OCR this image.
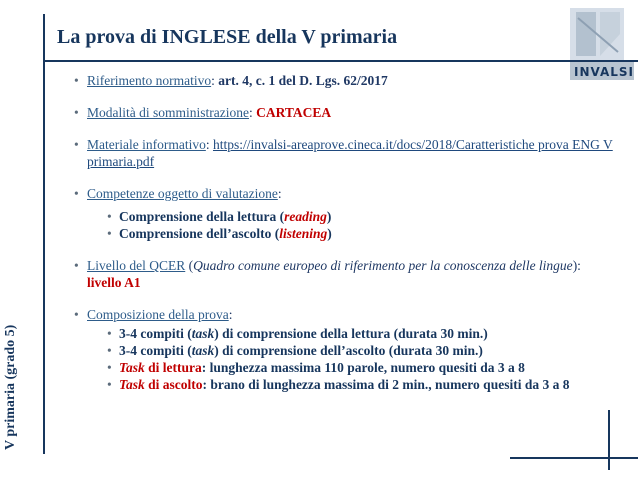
V primaria (grado 5)
La prova di INGLESE della V primaria
INVALSI
• Riferimento normativo: art. 4, c. 1 del D. Lgs. 62/2017
• Modalità di somministrazione: CARTACEA
• Materiale informativo: https://invalsi-areaprove.cineca.it/docs/2018/Caratteristiche prova ENG V primaria.pdf
• Competenze oggetto di valutazione:
• Comprensione della lettura (reading)
• Comprensione dell’ascolto (listening)
• Livello del QCER (Quadro comune europeo di riferimento per la conoscenza delle lingue): livello A1
• Composizione della prova:
• 3-4 compiti (task) di comprensione della lettura (durata 30 min.)
• 3-4 compiti (task) di comprensione dell’ascolto (durata 30 min.)
• Task di lettura: lunghezza massima 110 parole, numero quesiti da 3 a 8
• Task di ascolto: brano di lunghezza massima di 2 min., numero quesiti da 3 a 8
